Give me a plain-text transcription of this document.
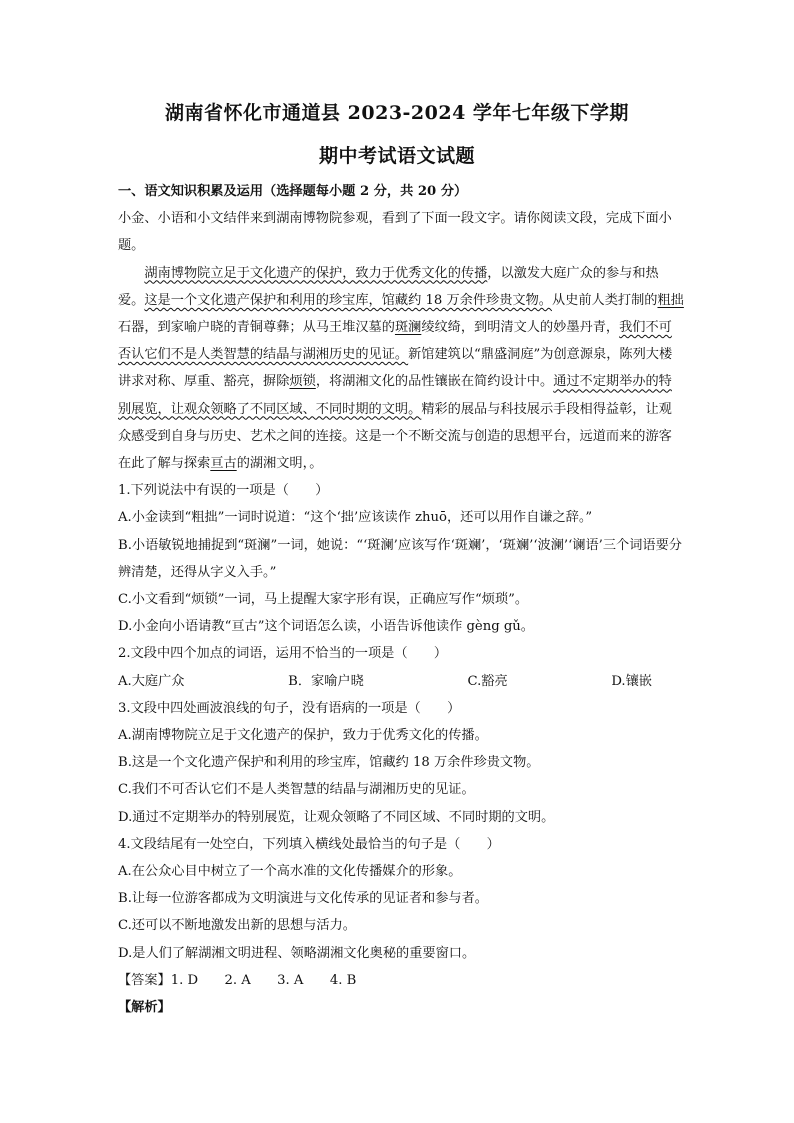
湖南省怀化市通道县 2023-2024 学年七年级下学期
期中考试语文试题

一、语文知识积累及运用（选择题每小题 2 分，共 20 分）

小金、小语和小文结伴来到湖南博物院参观，看到了下面一段文字。请你阅读文段，完成下面小题。

湖南博物院立足于文化遗产的保护，致力于优秀文化的传播，以激发大庭广众的参与和热爱。这是一个文化遗产保护和利用的珍宝库，馆藏约 18 万余件珍贵文物。从史前人类打制的粗拙石器，到家喻户晓的青铜尊彝；从马王堆汉墓的斑澜绫纹绮，到明清文人的妙墨丹青，我们不可否认它们不是人类智慧的结晶与湖湘历史的见证。新馆建筑以“鼎盛洞庭”为创意源泉，陈列大楼讲求对称、厚重、豁亮，摒除烦锁，将湖湘文化的品性镶嵌在简约设计中。通过不定期举办的特别展览，让观众领略了不同区域、不同时期的文明。精彩的展品与科技展示手段相得益彰，让观众感受到自身与历史、艺术之间的连接。这是一个不断交流与创造的思想平台，远道而来的游客在此了解与探索亘古的湖湘文明，。

1.下列说法中有误的一项是（　　）

A.小金读到“粗拙”一词时说道：“这个‘拙’应该读作 zhuō，还可以用作自谦之辞。”

B.小语敏锐地捕捉到“斑澜”一词，她说：“‘斑澜’应该写作‘斑斓’，‘斑斓’‘波澜’‘谰语’三个词语要分辨清楚，还得从字义入手。”

C.小文看到“烦锁”一词，马上提醒大家字形有误，正确应写作“烦琐”。

D.小金向小语请教“亘古”这个词语怎么读，小语告诉他读作 gèng gǔ。

2.文段中四个加点的词语，运用不恰当的一项是（　　）

A.大庭广众	B．家喻户晓	C.豁亮	D.镶嵌

3.文段中四处画波浪线的句子，没有语病的一项是（　　）

A.湖南博物院立足于文化遗产的保护，致力于优秀文化的传播。

B.这是一个文化遗产保护和利用的珍宝库，馆藏约 18 万余件珍贵文物。

C.我们不可否认它们不是人类智慧的结晶与湖湘历史的见证。

D.通过不定期举办的特别展览，让观众领略了不同区域、不同时期的文明。

4.文段结尾有一处空白，下列填入横线处最恰当的句子是（　　）

A.在公众心目中树立了一个高水准的文化传播媒介的形象。

B.让每一位游客都成为文明演进与文化传承的见证者和参与者。

C.还可以不断地激发出新的思想与活力。

D.是人们了解湖湘文明进程、领略湖湘文化奥秘的重要窗口。

【答案】1. D　　2. A　　3. A　　4. B

【解析】
